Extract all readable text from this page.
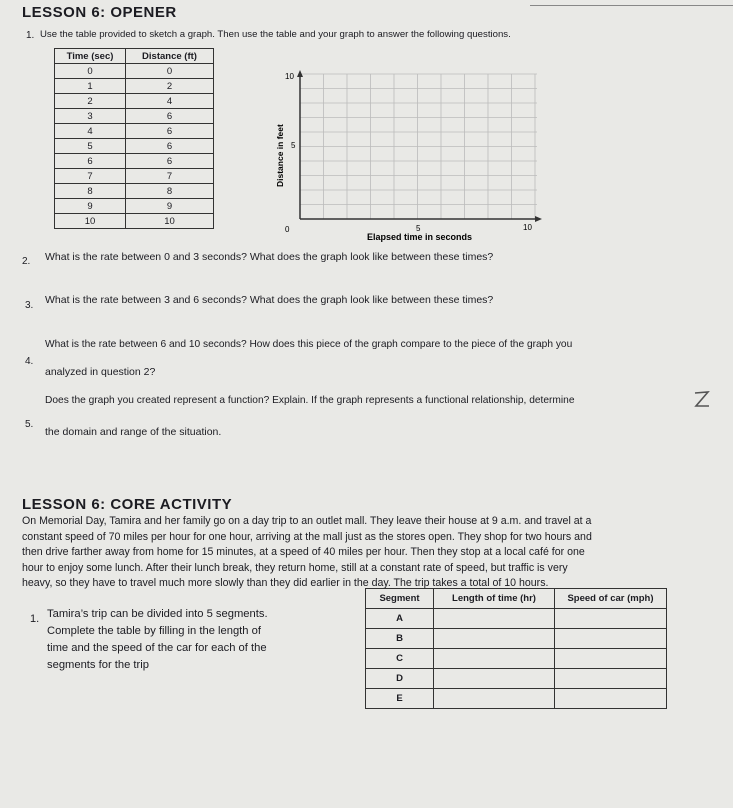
LESSON 6: OPENER
1. Use the table provided to sketch a graph. Then use the table and your graph to answer the following questions.
Time (sec)	Distance (ft)
0	0
1	2
2	4
3	6
4	6
5	6
6	6
7	7
8	8
9	9
10	10
10
5
0	5	10
Distance in feet
Elapsed time in seconds
2. What is the rate between 0 and 3 seconds? What does the graph look like between these times?
3. What is the rate between 3 and 6 seconds? What does the graph look like between these times?
4.
What is the rate between 6 and 10 seconds? How does this piece of the graph compare to the piece of the graph you
analyzed in question 2?
5.
Does the graph you created represent a function? Explain. If the graph represents a functional relationship, determine
the domain and range of the situation.
LESSON 6: CORE ACTIVITY
On Memorial Day, Tamira and her family go on a day trip to an outlet mall. They leave their house at 9 a.m. and travel at a
constant speed of 70 miles per hour for one hour, arriving at the mall just as the stores open. They shop for two hours and
then drive farther away from home for 15 minutes, at a speed of 40 miles per hour. Then they stop at a local café for one
hour to enjoy some lunch. After their lunch break, they return home, still at a constant rate of speed, but traffic is very
heavy, so they have to travel much more slowly than they did earlier in the day. The trip takes a total of 10 hours.
1. Tamira’s trip can be divided into 5 segments.
Complete the table by filling in the length of
time and the speed of the car for each of the
segments for the trip
Segment	Length of time (hr)	Speed of car (mph)
A		
B		
C		
D		
E		
